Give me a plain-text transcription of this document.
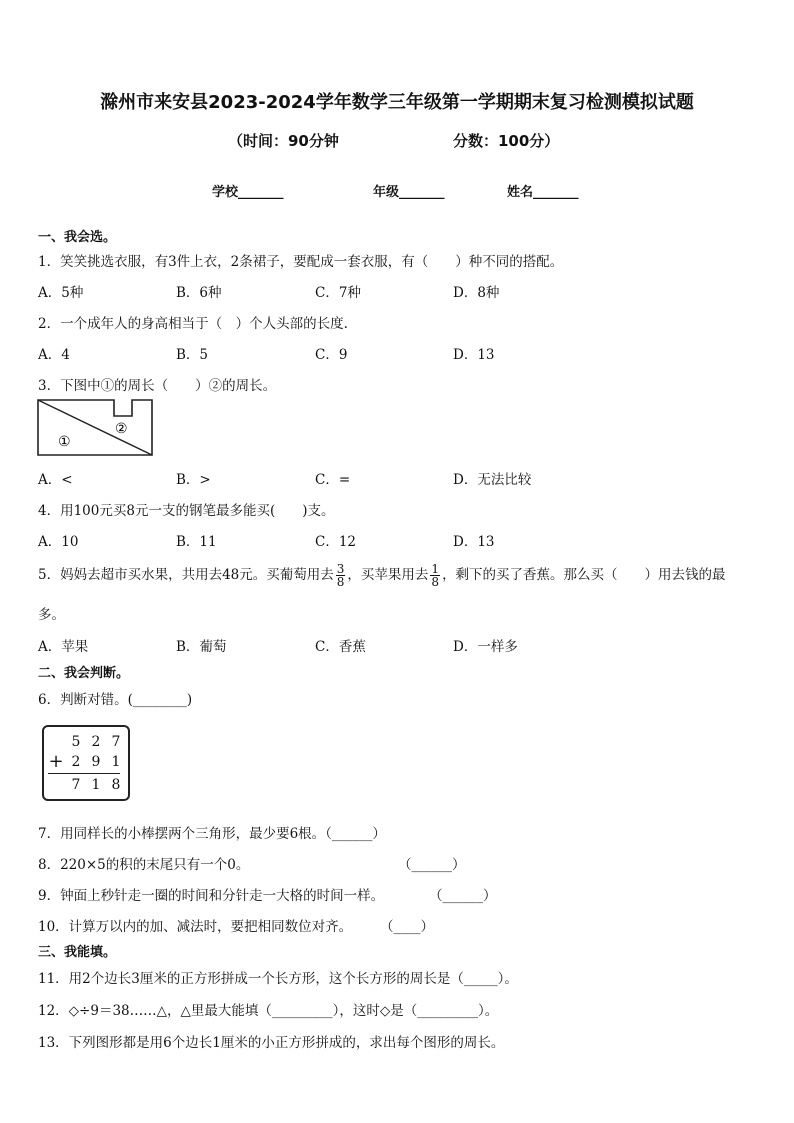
滁州市来安县2023-2024学年数学三年级第一学期期末复习检测模拟试题
（时间：90分钟	分数：100分）
学校_______	年级_______	姓名_______
一、我会选。
1．笑笑挑选衣服，有3件上衣，2条裙子，要配成一套衣服，有（　　）种不同的搭配。
A．5种	B．6种	C．7种	D．8种
2．一个成年人的身高相当于（　）个人头部的长度.
A．4	B．5	C．9	D．13
3．下图中①的周长（　　）②的周长。
①
②
A．<	B．>	C．=	D．无法比较
4．用100元买8元一支的钢笔最多能买(　　)支。
A．10	B．11	C．12	D．13
5．妈妈去超市买水果，共用去48元。买葡萄用去 $\frac{3}{8}$ ，买苹果用去 $\frac{1}{8}$ ，剩下的买了香蕉。那么买（　　）用去钱的最
多。
A．苹果	B．葡萄	C．香蕉	D．一样多
二、我会判断。
6．判断对错。(________)
5 2 7
+ 2 9 1
7 1 8
7．用同样长的小棒摆两个三角形，最少要6根。（______）
8．220×5的积的末尾只有一个0。	（______）
9．钟面上秒针走一圈的时间和分针走一大格的时间一样。	（______）
10．计算万以内的加、减法时，要把相同数位对齐。 （____）
三、我能填。
11．用2个边长3厘米的正方形拼成一个长方形，这个长方形的周长是（_____）。
12．◇÷9＝38……△，△里最大能填（_________），这时◇是（_________）。
13．下列图形都是用6个边长1厘米的小正方形拼成的，求出每个图形的周长。
